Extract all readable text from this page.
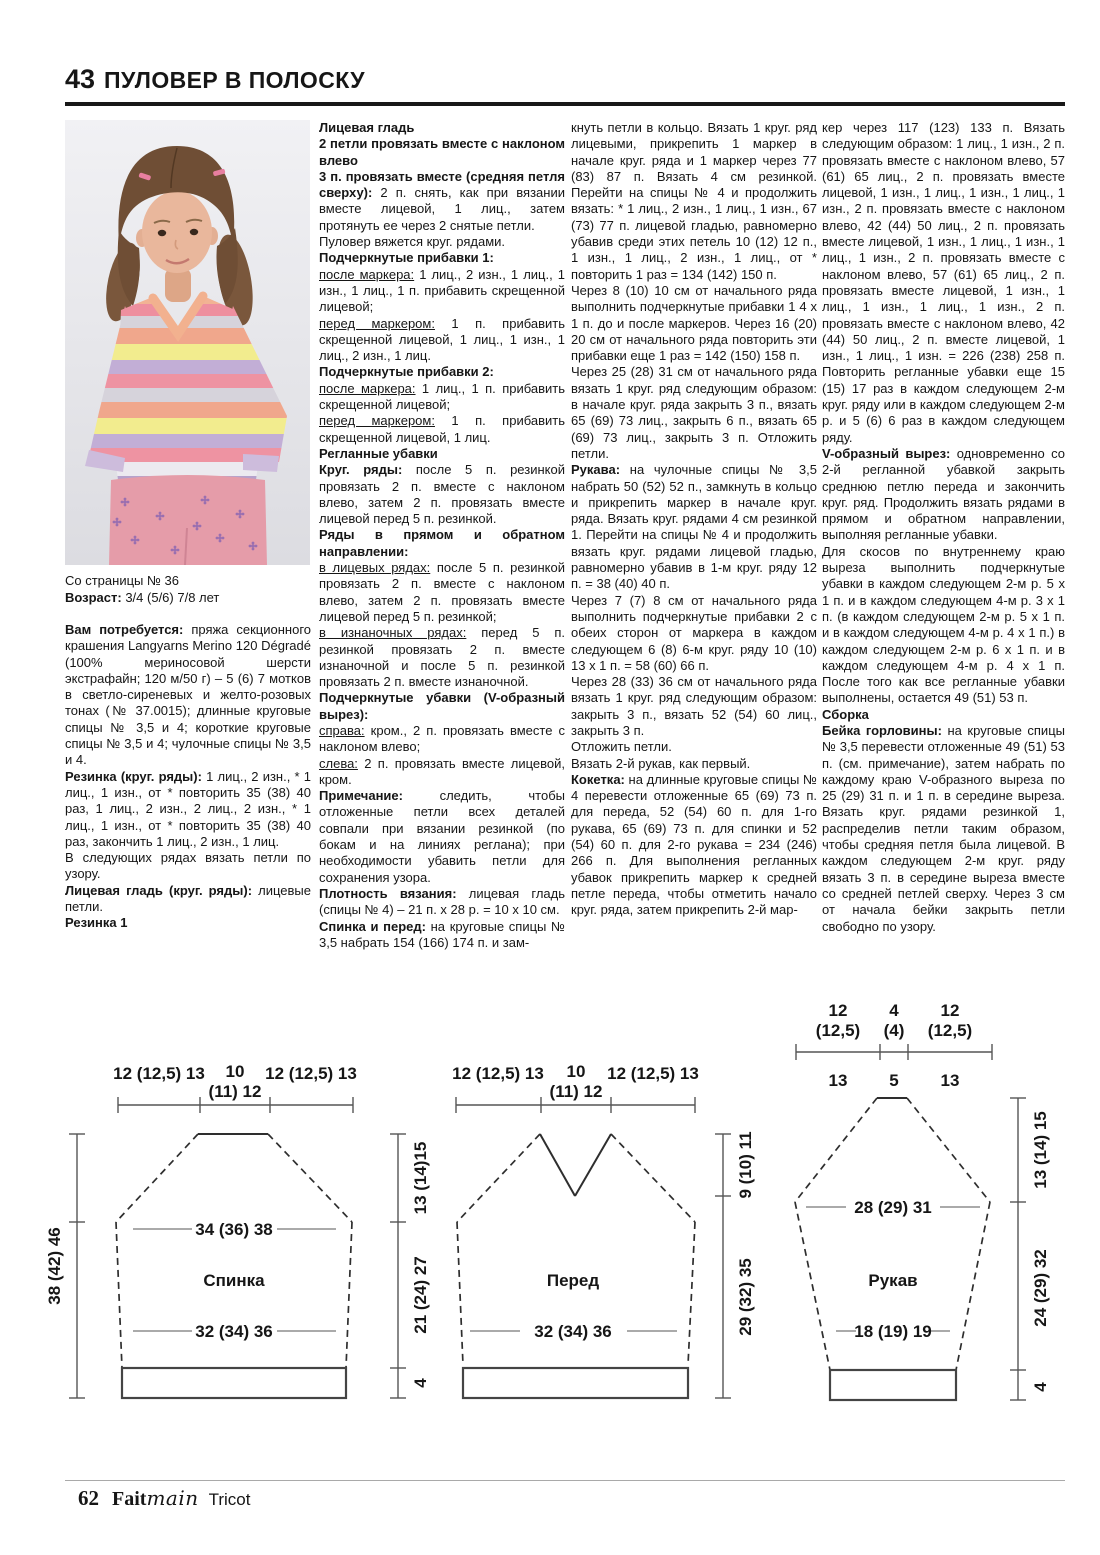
43 ПУЛОВЕР В ПОЛОСКУ

Со страницы № 36

Возраст: 3/4 (5/6) 7/8 лет

Вам потребуется: пряжа секционного крашения Langyarns Merino 120 Dégradé (100% мериносовой шерсти экстрафайн; 120 м/50 г) – 5 (6) 7 мотков в светло-сиреневых и желто-розовых тонах (№ 37.0015); длинные круговые спицы № 3,5 и 4; короткие круговые спицы № 3,5 и 4; чулочные спицы № 3,5 и 4.

Резинка (круг. ряды): 1 лиц., 2 изн., * 1 лиц., 1 изн., от * повторить 35 (38) 40 раз, 1 лиц., 2 изн., 2 лиц., 2 изн., * 1 лиц., 1 изн., от * повторить 35 (38) 40 раз, закончить 1 лиц., 2 изн., 1 лиц.

В следующих рядах вязать петли по узору.

Лицевая гладь (круг. ряды): лицевые петли.

Резинка 1

Лицевая гладь

2 петли провязать вместе с наклоном влево

3 п. провязать вместе (средняя петля сверху): 2 п. снять, как при вязании вместе лицевой, 1 лиц., затем протянуть ее через 2 снятые петли.

Пуловер вяжется круг. рядами.

Подчеркнутые прибавки 1:

после маркера: 1 лиц., 2 изн., 1 лиц., 1 изн., 1 лиц., 1 п. прибавить скрещенной лицевой;

перед маркером: 1 п. прибавить скрещенной лицевой, 1 лиц., 1 изн., 1 лиц., 2 изн., 1 лиц.

Подчеркнутые прибавки 2:

после маркера: 1 лиц., 1 п. прибавить скрещенной лицевой;

перед маркером: 1 п. прибавить скрещенной лицевой, 1 лиц.

Регланные убавки

Круг. ряды: после 5 п. резинкой провязать 2 п. вместе с наклоном влево, затем 2 п. провязать вместе лицевой перед 5 п. резинкой.

Ряды в прямом и обратном направлении:

в лицевых рядах: после 5 п. резинкой провязать 2 п. вместе с наклоном влево, затем 2 п. провязать вместе лицевой перед 5 п. резинкой;

в изнаночных рядах: перед 5 п. резинкой провязать 2 п. вместе изнаночной и после 5 п. резинкой провязать 2 п. вместе изнаночной.

Подчеркнутые убавки (V-образный вырез):

справа: кром., 2 п. провязать вместе с наклоном влево;

слева: 2 п. провязать вместе лицевой, кром.

Примечание: следить, чтобы отложенные петли всех деталей совпали при вязании резинкой (по бокам и на линиях реглана); при необходимости убавить петли для сохранения узора.

Плотность вязания: лицевая гладь (спицы № 4) – 21 п. х 28 р. = 10 х 10 см.

Спинка и перед: на круговые спицы № 3,5 набрать 154 (166) 174 п. и зам-

кнуть петли в кольцо. Вязать 1 круг. ряд лицевыми, прикрепить 1 маркер в начале круг. ряда и 1 маркер через 77 (83) 87 п. Вязать 4 см резинкой. Перейти на спицы № 4 и продолжить вязать: * 1 лиц., 2 изн., 1 лиц., 1 изн., 67 (73) 77 п. лицевой гладью, равномерно убавив среди этих петель 10 (12) 12 п., 1 изн., 1 лиц., 2 изн., 1 лиц., от * повторить 1 раз = 134 (142) 150 п.

Через 8 (10) 10 см от начального ряда выполнить подчеркнутые прибавки 1 4 х 1 п. до и после маркеров. Через 16 (20) 20 см от начального ряда повторить эти прибавки еще 1 раз = 142 (150) 158 п.

Через 25 (28) 31 см от начального ряда вязать 1 круг. ряд следующим образом: в начале круг. ряда закрыть 3 п., вязать 65 (69) 73 лиц., закрыть 6 п., вязать 65 (69) 73 лиц., закрыть 3 п. Отложить петли.

Рукава: на чулочные спицы № 3,5 набрать 50 (52) 52 п., замкнуть в кольцо и прикрепить маркер в начале круг. ряда. Вязать круг. рядами 4 см резинкой 1. Перейти на спицы № 4 и продолжить вязать круг. рядами лицевой гладью, равномерно убавив в 1-м круг. ряду 12 п. = 38 (40) 40 п.

Через 7 (7) 8 см от начального ряда выполнить подчеркнутые прибавки 2 с обеих сторон от маркера в каждом следующем 6 (8) 6-м круг. ряду 10 (10) 13 х 1 п. = 58 (60) 66 п.

Через 28 (33) 36 см от начального ряда вязать 1 круг. ряд следующим образом: закрыть 3 п., вязать 52 (54) 60 лиц., закрыть 3 п.

Отложить петли.

Вязать 2-й рукав, как первый.

Кокетка: на длинные круговые спицы № 4 перевести отложенные 65 (69) 73 п. для переда, 52 (54) 60 п. для 1-го рукава, 65 (69) 73 п. для спинки и 52 (54) 60 п. для 2-го рукава = 234 (246) 266 п. Для выполнения регланных убавок прикрепить маркер к средней петле переда, чтобы отметить начало круг. ряда, затем прикрепить 2-й мар-

кер через 117 (123) 133 п. Вязать следующим образом: 1 лиц., 1 изн., 2 п. провязать вместе с наклоном влево, 57 (61) 65 лиц., 2 п. провязать вместе лицевой, 1 изн., 1 лиц., 1 изн., 1 лиц., 1 изн., 2 п. провязать вместе с наклоном влево, 42 (44) 50 лиц., 2 п. провязать вместе лицевой, 1 изн., 1 лиц., 1 изн., 1 лиц., 1 изн., 2 п. провязать вместе с наклоном влево, 57 (61) 65 лиц., 2 п. провязать вместе лицевой, 1 изн., 1 лиц., 1 изн., 1 лиц., 1 изн., 2 п. провязать вместе с наклоном влево, 42 (44) 50 лиц., 2 п. вместе лицевой, 1 изн., 1 лиц., 1 изн. = 226 (238) 258 п. Повторить регланные убавки еще 15 (15) 17 раз в каждом следующем 2-м круг. ряду или в каждом следующем 2-м р. и 5 (6) 6 раз в каждом следующем ряду.

V-образный вырез: одновременно со 2-й регланной убавкой закрыть среднюю петлю переда и закончить круг. ряд. Продолжить вязать рядами в прямом и обратном направлении, выполняя регланные убавки.

Для скосов по внутреннему краю выреза выполнить подчеркнутые убавки в каждом следующем 2-м р. 5 х 1 п. и в каждом следующем 4-м р. 3 х 1 п. (в каждом следующем 2-м р. 5 х 1 п. и в каждом следующем 4-м р. 4 х 1 п.) в каждом следующем 2-м р. 6 х 1 п. и в каждом следующем 4-м р. 4 х 1 п. После того как все регланные убавки выполнены, остается 49 (51) 53 п.

Сборка

Бейка горловины: на круговые спицы № 3,5 перевести отложенные 49 (51) 53 п. (см. примечание), затем набрать по каждому краю V-образного выреза по 25 (29) 31 п. и 1 п. в середине выреза. Вязать круг. рядами резинкой 1, распределив петли таким образом, чтобы средняя петля была лицевой. В каждом следующем 2-м круг. ряду вязать 3 п. в середине выреза вместе со средней петлей сверху. Через 3 см от начала бейки закрыть петли свободно по узору.

12 (12,5) 13 10
(11) 12
12 (12,5) 13
34 (36) 38
Спинка
32 (34) 36
38 (42) 46
13 (14)15
21 (24) 27
4
12 (12,5) 13 10
(11) 12
12 (12,5) 13
Перед
32 (34) 36
9 (10) 11
29 (32) 35
12
(12,5)
4
(4)
12
(12,5)
13 5 13
28 (29) 31
Рукав
18 (19) 19
13 (14) 15
24 (29) 32
4
62 Faitmain Tricot
